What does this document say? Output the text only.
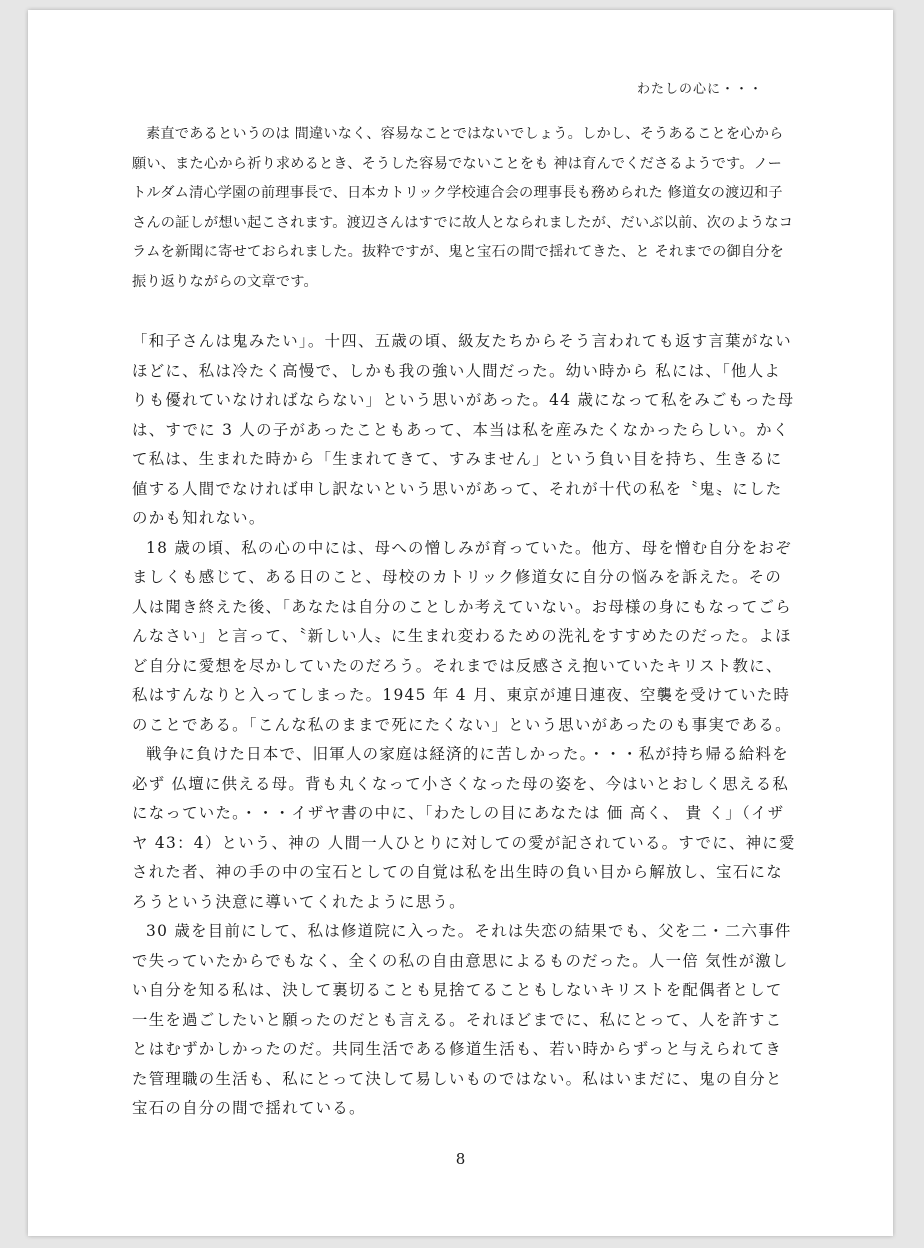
わたしの心に・・・

素直であるというのは 間違いなく、容易なことではないでしょう。しかし、そうあることを心から願い、また心から祈り求めるとき、そうした容易でないことをも 神は育んでくださるようです。ノートルダム清心学園の前理事長で、日本カトリック学校連合会の理事長も務められた 修道女の渡辺和子さんの証しが想い起こされます。渡辺さんはすでに故人となられましたが、だいぶ以前、次のようなコラムを新聞に寄せておられました。抜粋ですが、鬼と宝石の間で揺れてきた、と それまでの御自分を振り返りながらの文章です。

「和子さんは鬼みたい」。十四、五歳の頃、級友たちからそう言われても返す言葉がないほどに、私は冷たく高慢で、しかも我の強い人間だった。幼い時から 私には、「他人よりも優れていなければならない」という思いがあった。44 歳になって私をみごもった母は、すでに 3 人の子があったこともあって、本当は私を産みたくなかったらしい。かくて私は、生まれた時から「生まれてきて、すみません」という負い目を持ち、生きるに値する人間でなければ申し訳ないという思いがあって、それが十代の私を〝鬼〟にしたのかも知れない。

18 歳の頃、私の心の中には、母への憎しみが育っていた。他方、母を憎む自分をおぞましくも感じて、ある日のこと、母校のカトリック修道女に自分の悩みを訴えた。その人は聞き終えた後、「あなたは自分のことしか考えていない。お母様の身にもなってごらんなさい」と言って、〝新しい人〟に生まれ変わるための洗礼をすすめたのだった。よほど自分に愛想を尽かしていたのだろう。それまでは反感さえ抱いていたキリスト教に、私はすんなりと入ってしまった。1945 年 4 月、東京が連日連夜、空襲を受けていた時のことである。「こんな私のままで死にたくない」という思いがあったのも事実である。

戦争に負けた日本で、旧軍人の家庭は経済的に苦しかった。・・・私が持ち帰る給料を必ず 仏壇に供える母。背も丸くなって小さくなった母の姿を、今はいとおしく思える私になっていた。・・・イザヤ書の中に、「わたしの目にあなたは 価 高く、 貴 く」（イザヤ 43：4）という、神の 人間一人ひとりに対しての愛が記されている。すでに、神に愛された者、神の手の中の宝石としての自覚は私を出生時の負い目から解放し、宝石になろうという決意に導いてくれたように思う。

30 歳を目前にして、私は修道院に入った。それは失恋の結果でも、父を二・二六事件で失っていたからでもなく、全くの私の自由意思によるものだった。人一倍 気性が激しい自分を知る私は、決して裏切ることも見捨てることもしないキリストを配偶者として一生を過ごしたいと願ったのだとも言える。それほどまでに、私にとって、人を許すことはむずかしかったのだ。共同生活である修道生活も、若い時からずっと与えられてきた管理職の生活も、私にとって決して易しいものではない。私はいまだに、鬼の自分と宝石の自分の間で揺れている。

8
